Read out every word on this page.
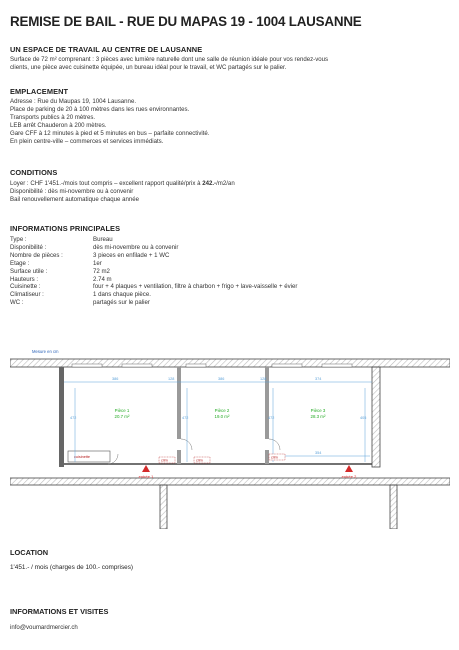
REMISE DE BAIL - RUE DU MAPAS 19 - 1004 LAUSANNE
UN ESPACE DE TRAVAIL AU CENTRE DE LAUSANNE
Surface de 72 m² comprenant : 3 pièces avec lumière naturelle dont une salle de réunion idéale pour vos rendez-vous
clients, une pièce avec cuisinette équipée, un bureau idéal pour le travail, et WC partagés sur le palier.
EMPLACEMENT
Adresse : Rue du Maupas 19, 1004 Lausanne.
Place de parking de 20 à 100 mètres dans les rues environnantes.
Transports publics à 20 mètres.
LEB arrêt Chauderon à 200 mètres.
Gare CFF à 12 minutes à pied et 5 minutes en bus – parfaite connectivité.
En plein centre-ville – commerces et services immédiats.
CONDITIONS
Loyer : CHF 1'451.-/mois tout compris – excellent rapport qualité/prix à 242.-/m2/an
Disponibilité : dès mi-novembre ou à convenir
Bail renouvellement automatique chaque année
INFORMATIONS PRINCIPALES
Type :	Bureau
Disponibilité :	dès mi-novembre ou à convenir
Nombre de pièces :	3 pieces en enfilade + 1 WC
Etage :	1er
Surface utile :	72 m2
Hauteurs :	2.74 m
Cuisinette :	four + 4 plaques + ventilation, filtre à charbon + frigo + lave-vaisselle + évier
Climatiseur :	1 dans chaque pièce.
WC :	partagés sur le palier
Mesure en cm
cuisinette
386	128	386	128	374
354
472	472	472	405
Pièce 1
20.7 m²
Pièce 2
19.0 m²
Pièce 3
28.3 m²
clim	clim
clim
entrée 1	entrée 2
LOCATION
1'451.- / mois (charges de 100.- comprises)
INFORMATIONS ET VISITES
info@voumardmercier.ch
